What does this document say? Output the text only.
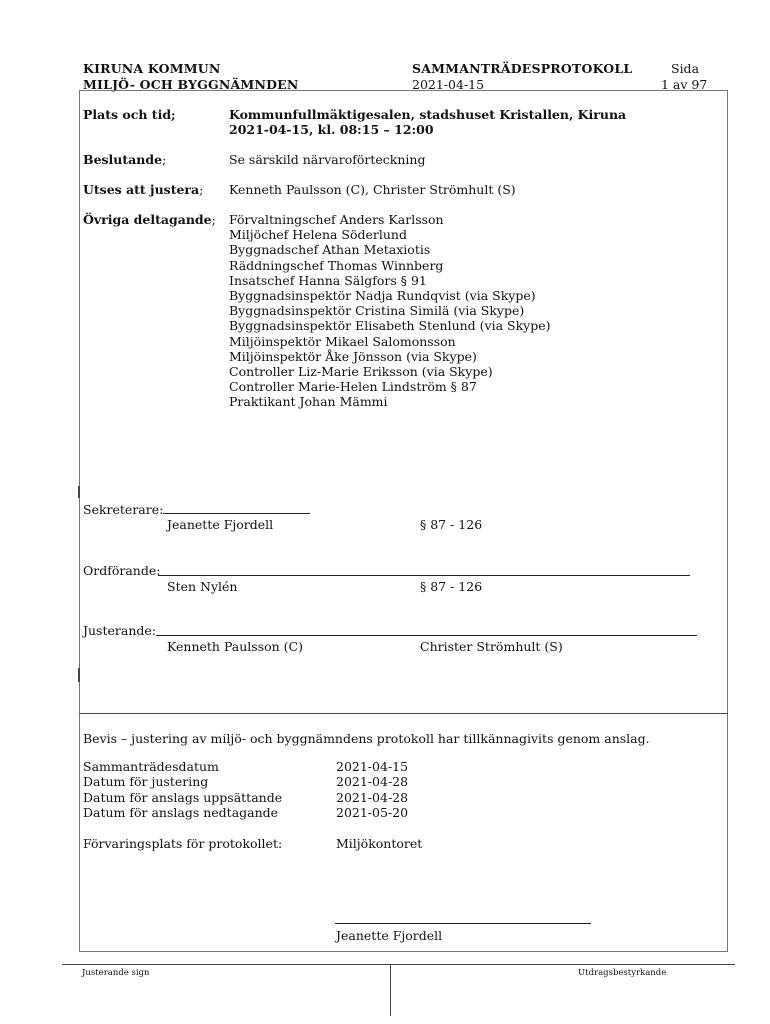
KIRUNA KOMMUN
MILJÖ- OCH BYGGNÄMNDEN
SAMMANTRÄDESPROTOKOLL
2021-04-15
Sida
1 av 97
Plats och tid;	Kommunfullmäktigesalen, stadshuset Kristallen, Kiruna
2021-04-15, kl. 08:15 – 12:00
Beslutande;	Se särskild närvaroförteckning
Utses att justera; Kenneth Paulsson (C), Christer Strömhult (S)
Övriga deltagande; Förvaltningschef Anders Karlsson
Miljöchef Helena Söderlund
Byggnadschef Athan Metaxiotis
Räddningschef Thomas Winnberg
Insatschef Hanna Sälgfors § 91
Byggnadsinspektör Nadja Rundqvist (via Skype)
Byggnadsinspektör Cristina Similä (via Skype)
Byggnadsinspektör Elisabeth Stenlund (via Skype)
Miljöinspektör Mikael Salomonsson
Miljöinspektör Åke Jönsson (via Skype)
Controller Liz-Marie Eriksson (via Skype)
Controller Marie-Helen Lindström § 87
Praktikant Johan Mämmi
Sekreterare:
Jeanette Fjordell	§ 87 - 126
Ordförande:
Sten Nylén	§ 87 - 126
Justerande:
Kenneth Paulsson (C)	Christer Strömhult (S)
Bevis – justering av miljö- och byggnämndens protokoll har tillkännagivits genom anslag.
Sammanträdesdatum	2021-04-15
Datum för justering	2021-04-28
Datum för anslags uppsättande	2021-04-28
Datum för anslags nedtagande	2021-05-20
Förvaringsplats för protokollet:	Miljökontoret
Jeanette Fjordell
Justerande sign	Utdragsbestyrkande
